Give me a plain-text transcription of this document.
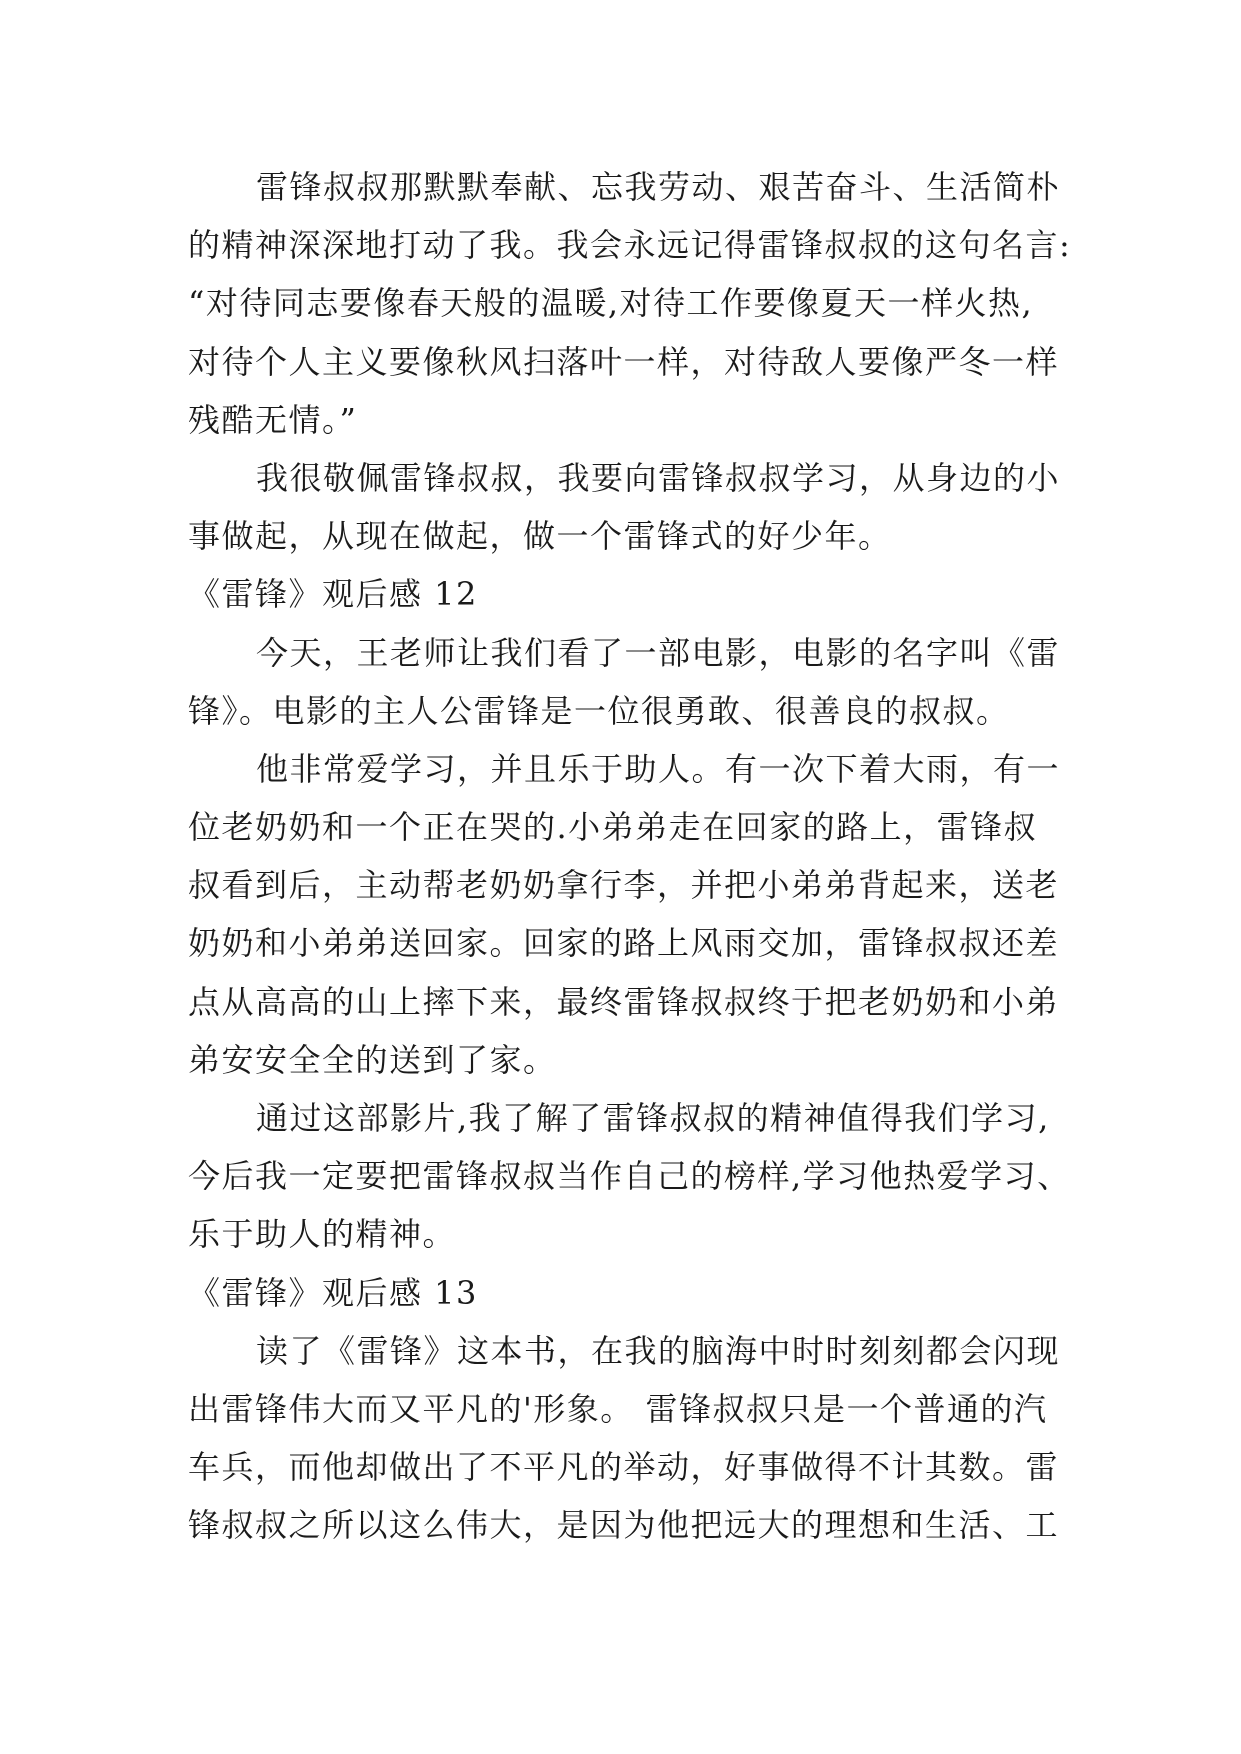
雷锋叔叔那默默奉献、忘我劳动、艰苦奋斗、生活简朴
的精神深深地打动了我。我会永远记得雷锋叔叔的这句名言:
“对待同志要像春天般的温暖,对待工作要像夏天一样火热,
对待个人主义要像秋风扫落叶一样，对待敌人要像严冬一样
残酷无情。”
我很敬佩雷锋叔叔，我要向雷锋叔叔学习，从身边的小
事做起，从现在做起，做一个雷锋式的好少年。
《雷锋》观后感 12
今天，王老师让我们看了一部电影，电影的名字叫《雷
锋》。电影的主人公雷锋是一位很勇敢、很善良的叔叔。
他非常爱学习，并且乐于助人。有一次下着大雨，有一
位老奶奶和一个正在哭的.小弟弟走在回家的路上，雷锋叔
叔看到后，主动帮老奶奶拿行李，并把小弟弟背起来，送老
奶奶和小弟弟送回家。回家的路上风雨交加，雷锋叔叔还差
点从高高的山上摔下来，最终雷锋叔叔终于把老奶奶和小弟
弟安安全全的送到了家。
通过这部影片,我了解了雷锋叔叔的精神值得我们学习,
今后我一定要把雷锋叔叔当作自己的榜样,学习他热爱学习、
乐于助人的精神。
《雷锋》观后感 13
读了《雷锋》这本书，在我的脑海中时时刻刻都会闪现
出雷锋伟大而又平凡的'形象。 雷锋叔叔只是一个普通的汽
车兵，而他却做出了不平凡的举动，好事做得不计其数。雷
锋叔叔之所以这么伟大，是因为他把远大的理想和生活、工
